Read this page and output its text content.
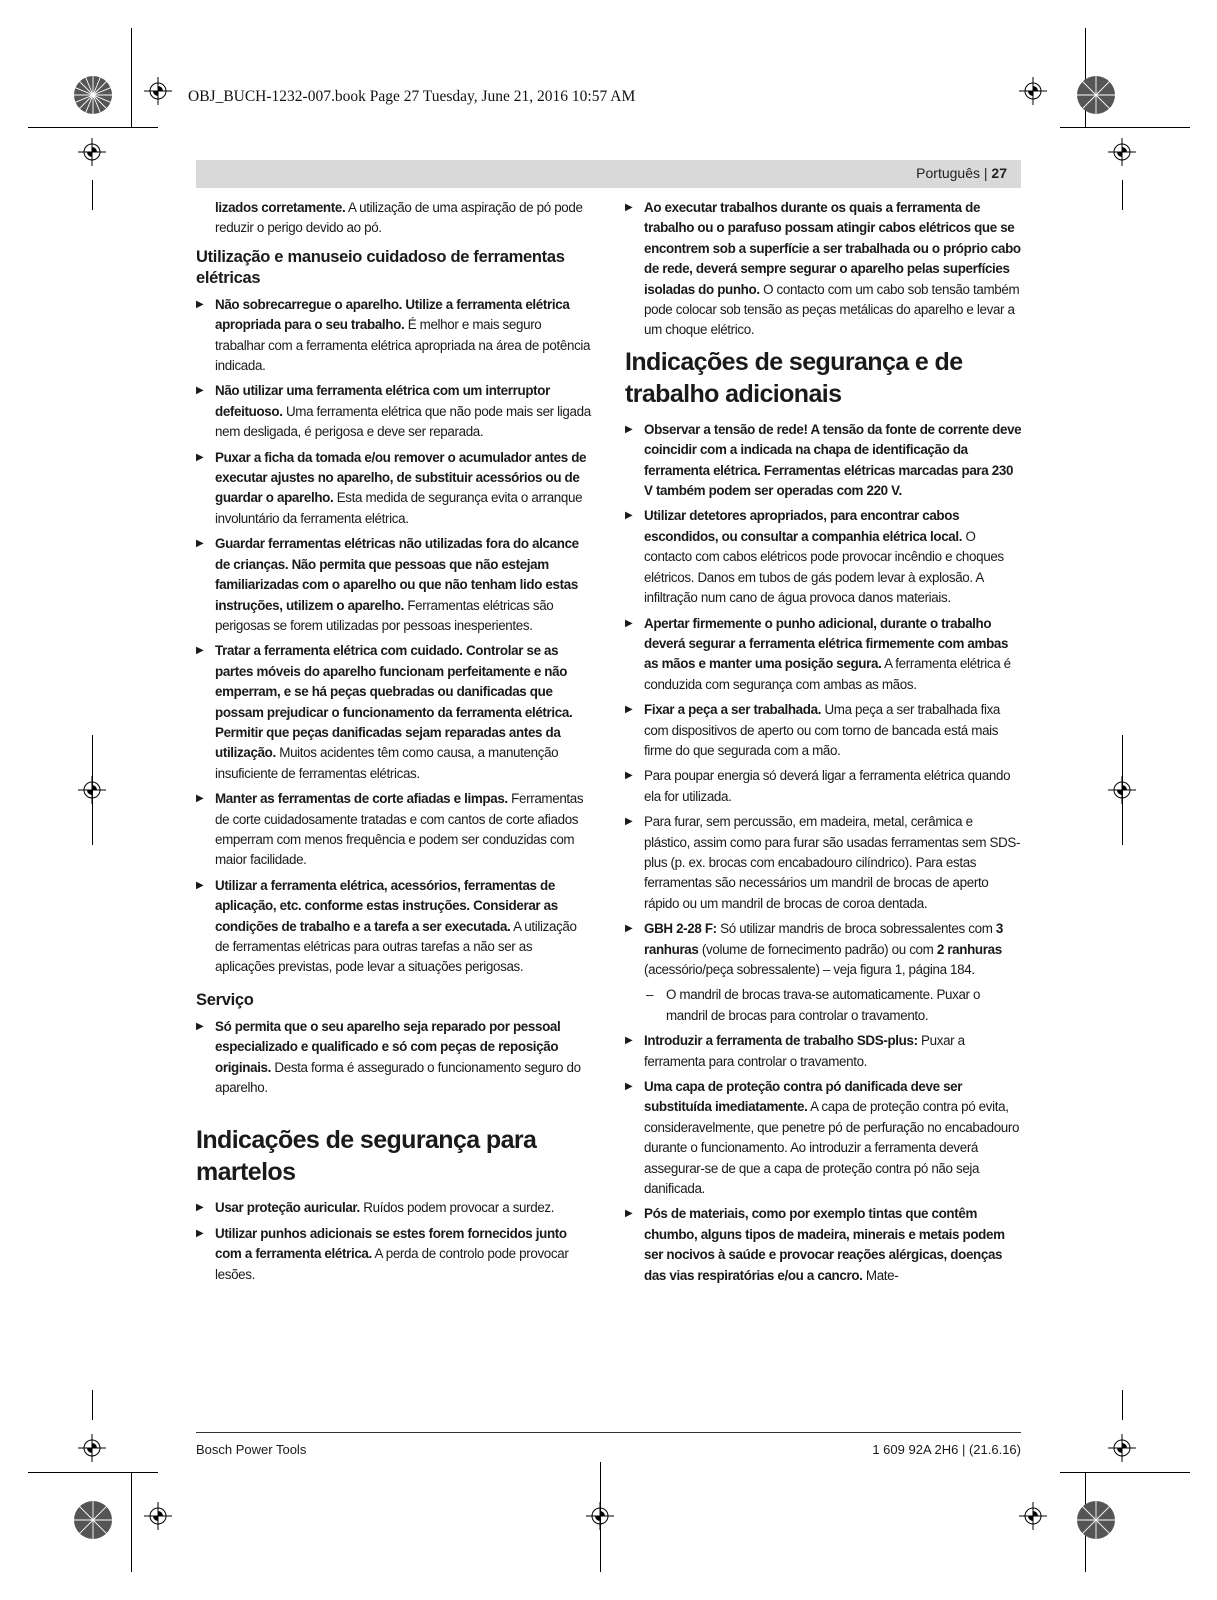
OBJ_BUCH-1232-007.book Page 27 Tuesday, June 21, 2016 10:57 AM
Português | 27

lizados corretamente. A utilização de uma aspiração de pó pode reduzir o perigo devido ao pó.

Utilização e manuseio cuidadoso de ferramentas elétricas

▶ Não sobrecarregue o aparelho. Utilize a ferramenta elétrica apropriada para o seu trabalho. É melhor e mais seguro trabalhar com a ferramenta elétrica apropriada na área de potência indicada.

▶ Não utilizar uma ferramenta elétrica com um interruptor defeituoso. Uma ferramenta elétrica que não pode mais ser ligada nem desligada, é perigosa e deve ser reparada.

▶ Puxar a ficha da tomada e/ou remover o acumulador antes de executar ajustes no aparelho, de substituir acessórios ou de guardar o aparelho. Esta medida de segurança evita o arranque involuntário da ferramenta elétrica.

▶ Guardar ferramentas elétricas não utilizadas fora do alcance de crianças. Não permita que pessoas que não estejam familiarizadas com o aparelho ou que não tenham lido estas instruções, utilizem o aparelho. Ferramentas elétricas são perigosas se forem utilizadas por pessoas inesperientes.

▶ Tratar a ferramenta elétrica com cuidado. Controlar se as partes móveis do aparelho funcionam perfeitamente e não emperram, e se há peças quebradas ou danificadas que possam prejudicar o funcionamento da ferramenta elétrica. Permitir que peças danificadas sejam reparadas antes da utilização. Muitos acidentes têm como causa, a manutenção insuficiente de ferramentas elétricas.

▶ Manter as ferramentas de corte afiadas e limpas. Ferramentas de corte cuidadosamente tratadas e com cantos de corte afiados emperram com menos frequência e podem ser conduzidas com maior facilidade.

▶ Utilizar a ferramenta elétrica, acessórios, ferramentas de aplicação, etc. conforme estas instruções. Considerar as condições de trabalho e a tarefa a ser executada. A utilização de ferramentas elétricas para outras tarefas a não ser as aplicações previstas, pode levar a situações perigosas.

Serviço

▶ Só permita que o seu aparelho seja reparado por pessoal especializado e qualificado e só com peças de reposição originais. Desta forma é assegurado o funcionamento seguro do aparelho.

Indicações de segurança para martelos

▶ Usar proteção auricular. Ruídos podem provocar a surdez.

▶ Utilizar punhos adicionais se estes forem fornecidos junto com a ferramenta elétrica. A perda de controlo pode provocar lesões.

▶ Ao executar trabalhos durante os quais a ferramenta de trabalho ou o parafuso possam atingir cabos elétricos que se encontrem sob a superfície a ser trabalhada ou o próprio cabo de rede, deverá sempre segurar o aparelho pelas superfícies isoladas do punho. O contacto com um cabo sob tensão também pode colocar sob tensão as peças metálicas do aparelho e levar a um choque elétrico.

Indicações de segurança e de trabalho adicionais

▶ Observar a tensão de rede! A tensão da fonte de corrente deve coincidir com a indicada na chapa de identificação da ferramenta elétrica. Ferramentas elétricas marcadas para 230 V também podem ser operadas com 220 V.

▶ Utilizar detetores apropriados, para encontrar cabos escondidos, ou consultar a companhia elétrica local. O contacto com cabos elétricos pode provocar incêndio e choques elétricos. Danos em tubos de gás podem levar à explosão. A infiltração num cano de água provoca danos materiais.

▶ Apertar firmemente o punho adicional, durante o trabalho deverá segurar a ferramenta elétrica firmemente com ambas as mãos e manter uma posição segura. A ferramenta elétrica é conduzida com segurança com ambas as mãos.

▶ Fixar a peça a ser trabalhada. Uma peça a ser trabalhada fixa com dispositivos de aperto ou com torno de bancada está mais firme do que segurada com a mão.

▶ Para poupar energia só deverá ligar a ferramenta elétrica quando ela for utilizada.

▶ Para furar, sem percussão, em madeira, metal, cerâmica e plástico, assim como para furar são usadas ferramentas sem SDS-plus (p. ex. brocas com encabadouro cilíndrico). Para estas ferramentas são necessários um mandril de brocas de aperto rápido ou um mandril de brocas de coroa dentada.

▶ GBH 2-28 F: Só utilizar mandris de broca sobressalentes com 3 ranhuras (volume de fornecimento padrão) ou com 2 ranhuras (acessório/peça sobressalente) – veja figura 1, página 184.

– O mandril de brocas trava-se automaticamente. Puxar o mandril de brocas para controlar o travamento.

▶ Introduzir a ferramenta de trabalho SDS-plus: Puxar a ferramenta para controlar o travamento.

▶ Uma capa de proteção contra pó danificada deve ser substituída imediatamente. A capa de proteção contra pó evita, consideravelmente, que penetre pó de perfuração no encabadouro durante o funcionamento. Ao introduzir a ferramenta deverá assegurar-se de que a capa de proteção contra pó não seja danificada.

▶ Pós de materiais, como por exemplo tintas que contêm chumbo, alguns tipos de madeira, minerais e metais podem ser nocivos à saúde e provocar reações alérgicas, doenças das vias respiratórias e/ou a cancro. Mate-

Bosch Power Tools	1 609 92A 2H6 | (21.6.16)
